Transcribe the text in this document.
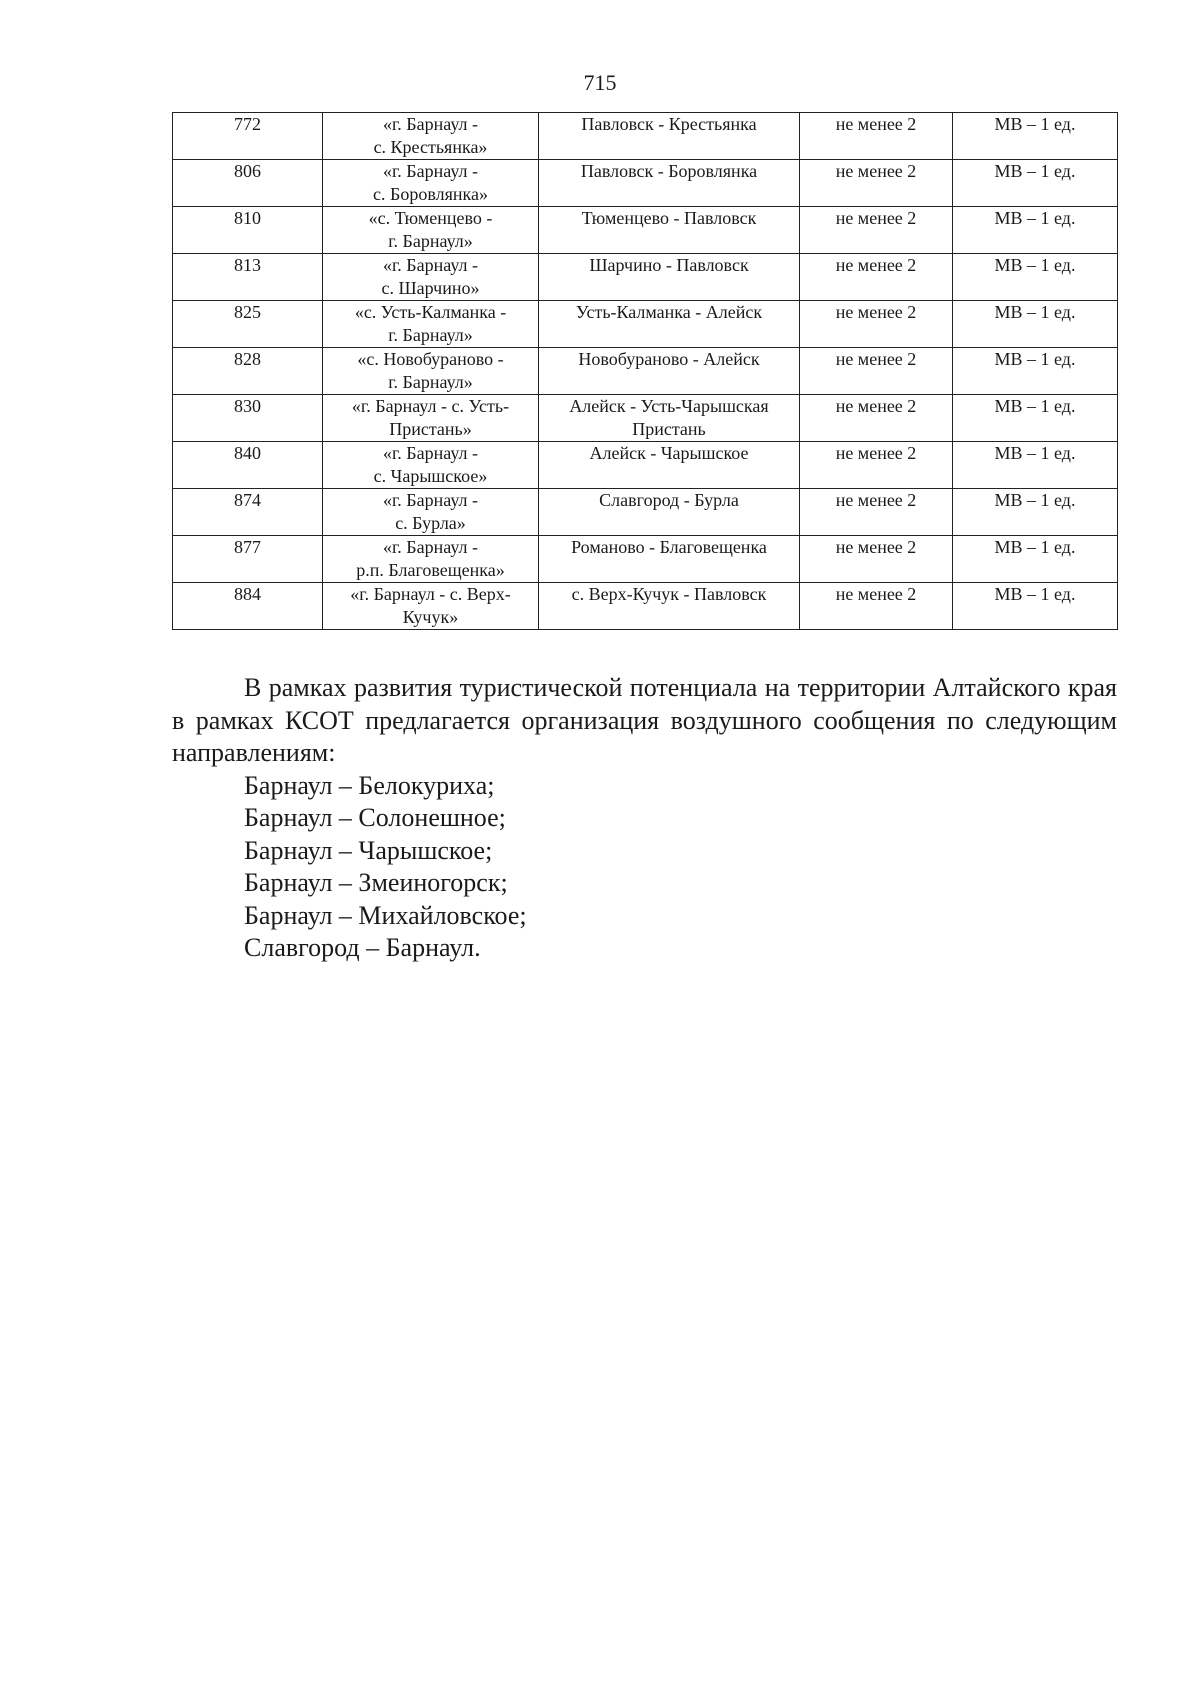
715
772	«г. Барнаул -
с. Крестьянка»	Павловск - Крестьянка	не менее 2	МВ – 1 ед.
806	«г. Барнаул -
с. Боровлянка»	Павловск - Боровлянка	не менее 2	МВ – 1 ед.
810	«с. Тюменцево -
г. Барнаул»	Тюменцево - Павловск	не менее 2	МВ – 1 ед.
813	«г. Барнаул -
с. Шарчино»	Шарчино - Павловск	не менее 2	МВ – 1 ед.
825	«с. Усть-Калманка -
г. Барнаул»	Усть-Калманка - Алейск	не менее 2	МВ – 1 ед.
828	«с. Новобураново -
г. Барнаул»	Новобураново - Алейск	не менее 2	МВ – 1 ед.
830	«г. Барнаул - с. Усть-
Пристань»	Алейск - Усть-Чарышская
Пристань	не менее 2	МВ – 1 ед.
840	«г. Барнаул -
с. Чарышское»	Алейск - Чарышское	не менее 2	МВ – 1 ед.
874	«г. Барнаул -
с. Бурла»	Славгород - Бурла	не менее 2	МВ – 1 ед.
877	«г. Барнаул -
р.п. Благовещенка»	Романово - Благовещенка	не менее 2	МВ – 1 ед.
884	«г. Барнаул - с. Верх-
Кучук»	с. Верх-Кучук - Павловск	не менее 2	МВ – 1 ед.

В рамках развития туристической потенциала на территории Алтайского края в рамках КСОТ предлагается организация воздушного сообщения по следующим направлениям:

Барнаул – Белокуриха;
Барнаул – Солонешное;
Барнаул – Чарышское;
Барнаул – Змеиногорск;
Барнаул – Михайловское;
Славгород – Барнаул.
